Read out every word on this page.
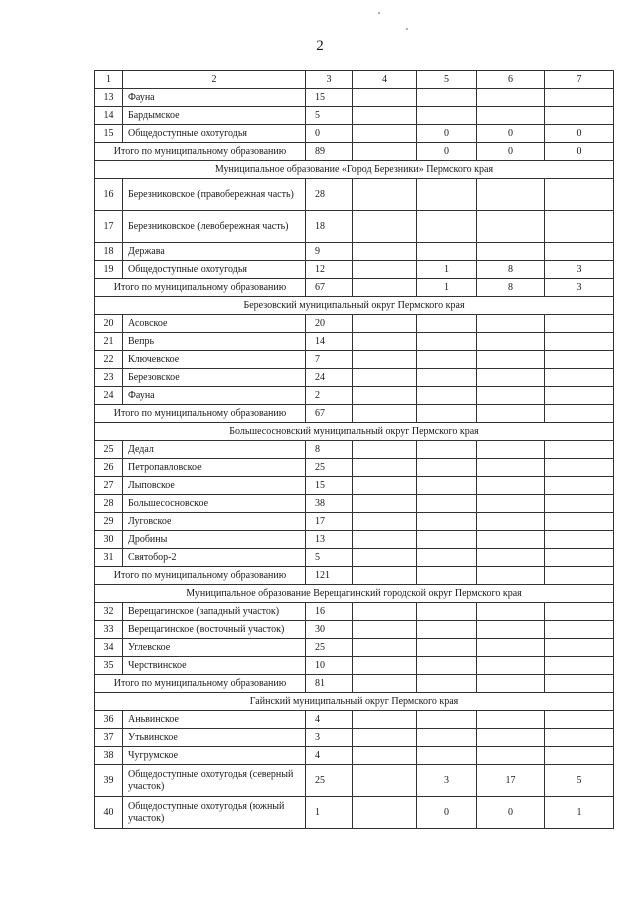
2
1	2	3	4	5	6	7
13	Фауна	15				
14	Бардымское	5				
15	Общедоступные охотугодья	0		0	0	0
Итого по муниципальному образованию		89		0	0	0
Муниципальное образование «Город Березники» Пермского края						
16	Березниковское (правобережная часть)	28				
17	Березниковское (левобережная часть)	18				
18	Держава	9				
19	Общедоступные охотугодья	12		1	8	3
Итого по муниципальному образованию		67		1	8	3
Березовский муниципальный округ Пермского края						
20	Асовское	20				
21	Вепрь	14				
22	Ключевское	7				
23	Березовское	24				
24	Фауна	2				
Итого по муниципальному образованию		67				
Большесосновский муниципальный округ Пермского края						
25	Дедал	8				
26	Петропавловское	25				
27	Лыповское	15				
28	Большесосновское	38				
29	Луговское	17				
30	Дробины	13				
31	Святобор-2	5				
Итого по муниципальному образованию		121				
Муниципальное образование Верещагинский городской округ Пермского края						
32	Верещагинское (западный участок)	16				
33	Верещагинское (восточный участок)	30				
34	Углевское	25				
35	Черствинское	10				
Итого по муниципальному образованию		81				
Гайнский муниципальный округ Пермского края						
36	Аньвинское	4				
37	Утьвинское	3				
38	Чугрумское	4				
39	Общедоступные охотугодья (северный участок)	25		3	17	5
40	Общедоступные охотугодья (южный участок)	1		0	0	1
